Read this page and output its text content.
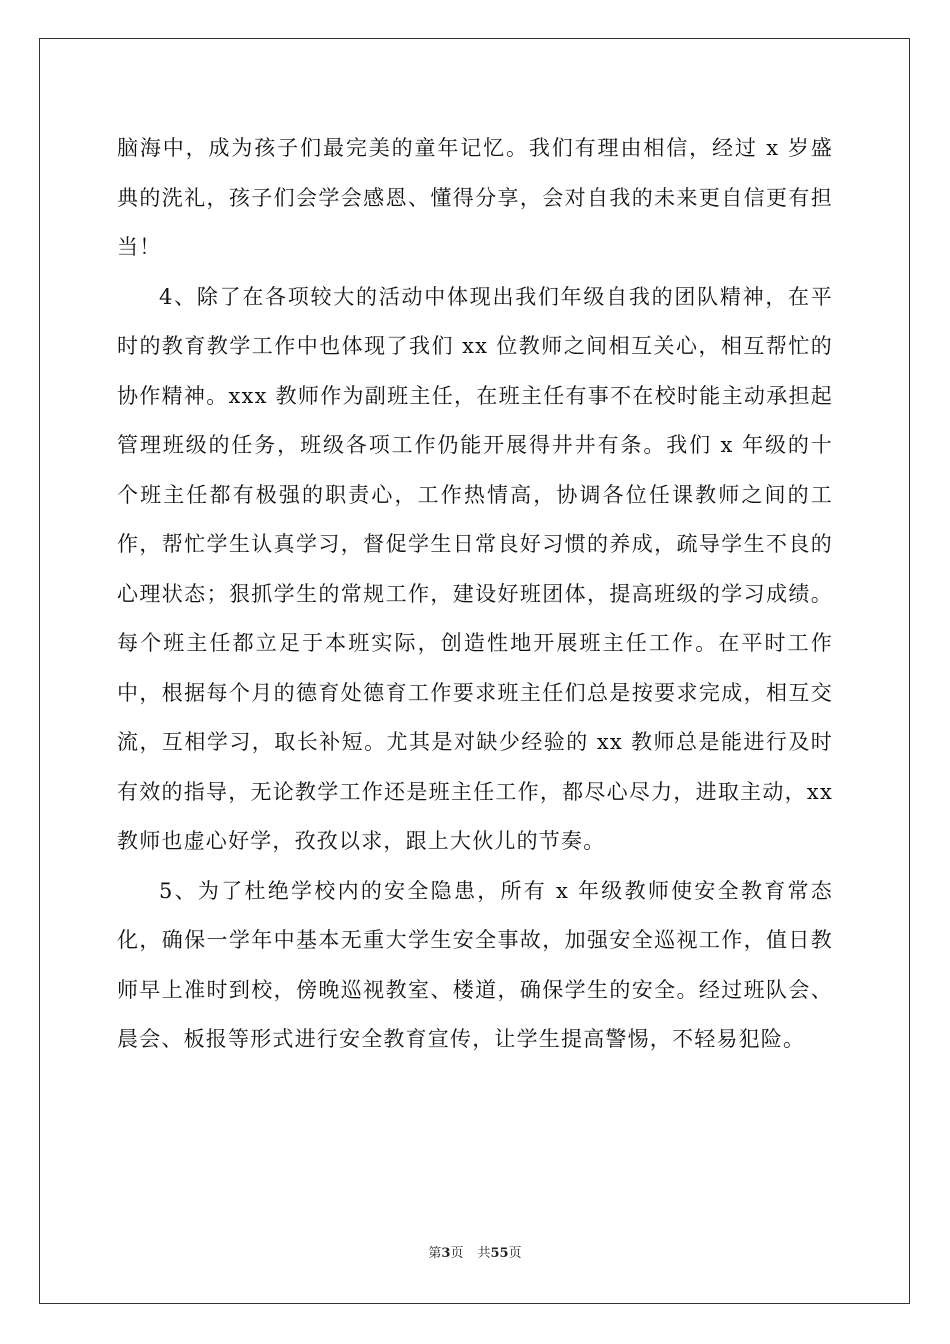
脑海中，成为孩子们最完美的童年记忆。我们有理由相信，经过 x 岁盛典的洗礼，孩子们会学会感恩、懂得分享，会对自我的未来更自信更有担当！

4、除了在各项较大的活动中体现出我们年级自我的团队精神，在平时的教育教学工作中也体现了我们 xx 位教师之间相互关心，相互帮忙的协作精神。xxx 教师作为副班主任，在班主任有事不在校时能主动承担起管理班级的任务，班级各项工作仍能开展得井井有条。我们 x 年级的十个班主任都有极强的职责心，工作热情高，协调各位任课教师之间的工作，帮忙学生认真学习，督促学生日常良好习惯的养成，疏导学生不良的心理状态；狠抓学生的常规工作，建设好班团体，提高班级的学习成绩。每个班主任都立足于本班实际，创造性地开展班主任工作。在平时工作中，根据每个月的德育处德育工作要求班主任们总是按要求完成，相互交流，互相学习，取长补短。尤其是对缺少经验的 xx 教师总是能进行及时有效的指导，无论教学工作还是班主任工作，都尽心尽力，进取主动，xx 教师也虚心好学，孜孜以求，跟上大伙儿的节奏。

5、为了杜绝学校内的安全隐患，所有 x 年级教师使安全教育常态化，确保一学年中基本无重大学生安全事故，加强安全巡视工作，值日教师早上准时到校，傍晚巡视教室、楼道，确保学生的安全。经过班队会、晨会、板报等形式进行安全教育宣传，让学生提高警惕，不轻易犯险。

第3页 共55页
